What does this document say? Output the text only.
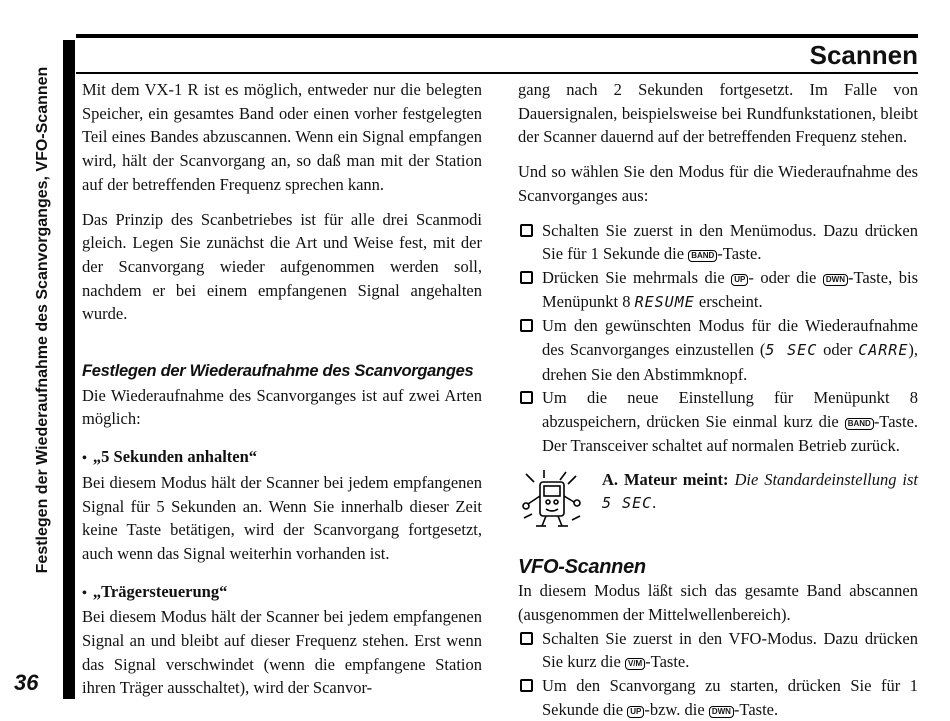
Festlegen der Wiederaufnahme des Scanvorganges, VFO-Scannen
36
Scannen

Mit dem VX-1 R ist es möglich, entweder nur die belegten Speicher, ein gesamtes Band oder einen vorher festgelegten Teil eines Bandes abzuscannen. Wenn ein Signal empfangen wird, hält der Scanvorgang an, so daß man mit der Station auf der betreffenden Frequenz sprechen kann.

Das Prinzip des Scanbetriebes ist für alle drei Scanmodi gleich. Legen Sie zunächst die Art und Weise fest, mit der der Scanvorgang wieder aufgenommen werden soll, nachdem er bei einem empfangenen Signal angehalten wurde.

Festlegen der Wiederaufnahme des Scanvorganges

Die Wiederaufnahme des Scanvorganges ist auf zwei Arten möglich:

• „5 Sekunden anhalten“

Bei diesem Modus hält der Scanner bei jedem empfangenen Signal für 5 Sekunden an. Wenn Sie innerhalb dieser Zeit keine Taste betätigen, wird der Scanvorgang fortgesetzt, auch wenn das Signal weiterhin vorhanden ist.

• „Trägersteuerung“

Bei diesem Modus hält der Scanner bei jedem empfangenen Signal an und bleibt auf dieser Frequenz stehen. Erst wenn das Signal verschwindet (wenn die empfangene Station ihren Träger ausschaltet), wird der Scanvor-

gang nach 2 Sekunden fortgesetzt. Im Falle von Dauersignalen, beispielsweise bei Rundfunkstationen, bleibt der Scanner dauernd auf der betreffenden Frequenz stehen.

Und so wählen Sie den Modus für die Wiederaufnahme des Scanvorganges aus:

Schalten Sie zuerst in den Menümodus. Dazu drücken Sie für 1 Sekunde die BAND -Taste.

Drücken Sie mehrmals die UP - oder die DWN -Taste, bis Menüpunkt 8 RESUME erscheint.

Um den gewünschten Modus für die Wiederaufnahme des Scanvorganges einzustellen (5 SEC oder CARRE), drehen Sie den Abstimmknopf.

Um die neue Einstellung für Menüpunkt 8 abzuspeichern, drücken Sie einmal kurz die BAND -Taste. Der Transceiver schaltet auf normalen Betrieb zurück.

A. Mateur meint: Die Standardeinstellung ist 5 SEC.

VFO-Scannen

In diesem Modus läßt sich das gesamte Band abscannen (ausgenommen der Mittelwellenbereich).

Schalten Sie zuerst in den VFO-Modus. Dazu drücken Sie kurz die V/M -Taste.

Um den Scanvorgang zu starten, drücken Sie für 1 Sekunde die UP -bzw. die DWN -Taste.
